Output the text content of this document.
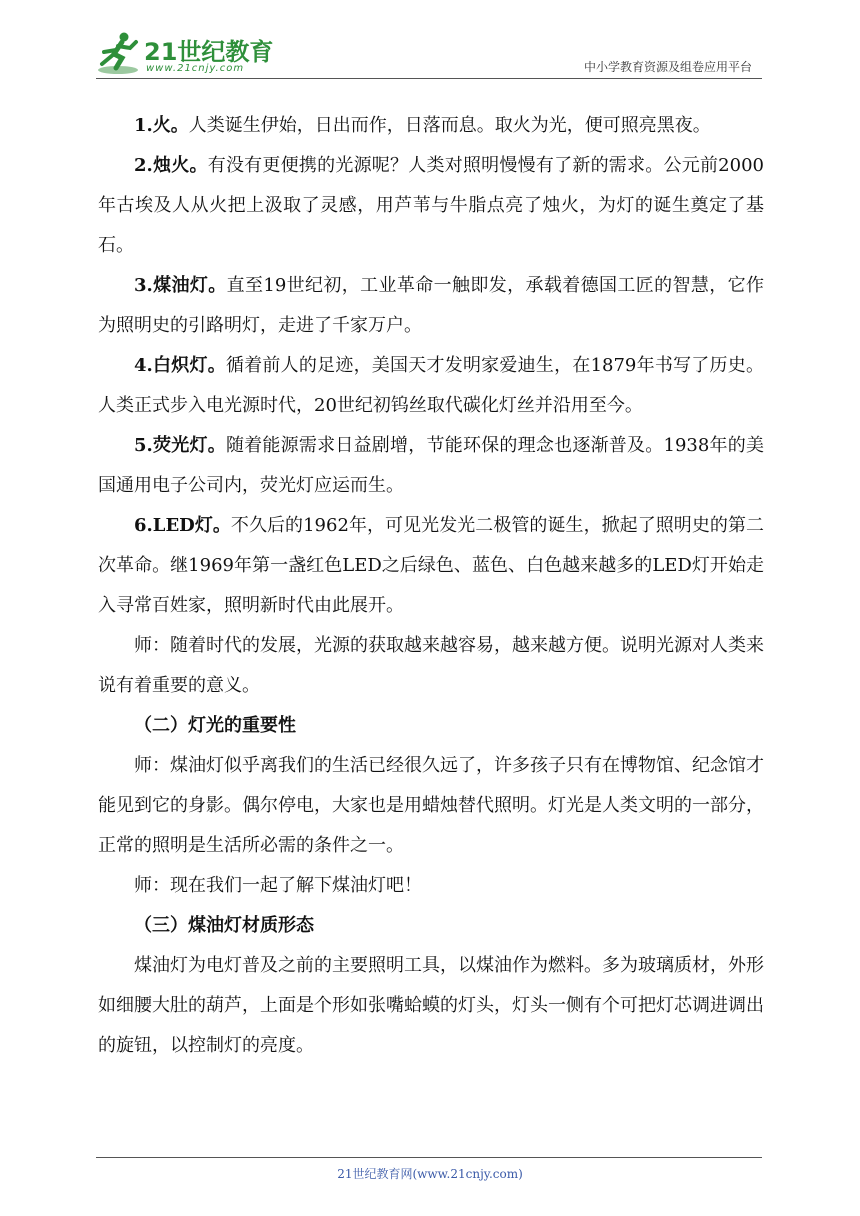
21世纪教育
www.21cnjy.com	中小学教育资源及组卷应用平台

1.火。人类诞生伊始，日出而作，日落而息。取火为光，便可照亮黑夜。

2.烛火。有没有更便携的光源呢？人类对照明慢慢有了新的需求。公元前2000年古埃及人从火把上汲取了灵感，用芦苇与牛脂点亮了烛火，为灯的诞生奠定了基石。

3.煤油灯。直至19世纪初，工业革命一触即发，承载着德国工匠的智慧，它作为照明史的引路明灯，走进了千家万户。

4.白炽灯。循着前人的足迹，美国天才发明家爱迪生，在1879年书写了历史。人类正式步入电光源时代，20世纪初钨丝取代碳化灯丝并沿用至今。

5.荧光灯。随着能源需求日益剧增，节能环保的理念也逐渐普及。1938年的美国通用电子公司内，荧光灯应运而生。

6.LED灯。不久后的1962年，可见光发光二极管的诞生，掀起了照明史的第二次革命。继1969年第一盏红色LED之后绿色、蓝色、白色越来越多的LED灯开始走入寻常百姓家，照明新时代由此展开。

师：随着时代的发展，光源的获取越来越容易，越来越方便。说明光源对人类来说有着重要的意义。

（二）灯光的重要性

师：煤油灯似乎离我们的生活已经很久远了，许多孩子只有在博物馆、纪念馆才能见到它的身影。偶尔停电，大家也是用蜡烛替代照明。灯光是人类文明的一部分，正常的照明是生活所必需的条件之一。

师：现在我们一起了解下煤油灯吧！

（三）煤油灯材质形态

煤油灯为电灯普及之前的主要照明工具，以煤油作为燃料。多为玻璃质材，外形如细腰大肚的葫芦，上面是个形如张嘴蛤蟆的灯头，灯头一侧有个可把灯芯调进调出的旋钮，以控制灯的亮度。

21世纪教育网(www.21cnjy.com)
